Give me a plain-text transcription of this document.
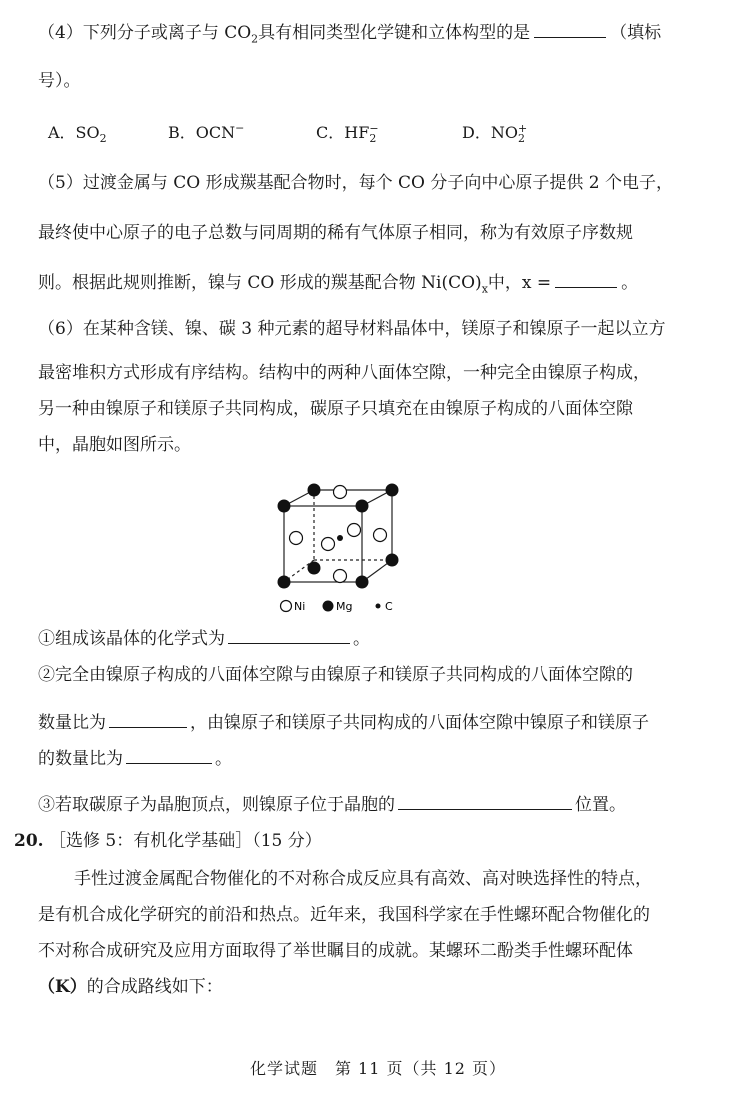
（4）下列分子或离子与 $CO_2$具有相同类型化学键和立体构型的是	（填标
号）。
A．$SO_2$	B．OCN−	C．HF −
2	D．NO +
2
（5）过渡金属与 CO 形成羰基配合物时，每个 CO 分子向中心原子提供 2 个电子，
最终使中心原子的电子总数与同周期的稀有气体原子相同，称为有效原子序数规
则。根据此规则推断，镍与 CO 形成的羰基配合物 $Ni(CO)_x$中，x =	。
（6）在某种含镁、镍、碳 3 种元素的超导材料晶体中，镁原子和镍原子一起以立方
最密堆积方式形成有序结构。结构中的两种八面体空隙，一种完全由镍原子构成，
另一种由镍原子和镁原子共同构成，碳原子只填充在由镍原子构成的八面体空隙
中，晶胞如图所示。
Ni	Mg	C
①组成该晶体的化学式为	。
②完全由镍原子构成的八面体空隙与由镍原子和镁原子共同构成的八面体空隙的
数量比为	，由镍原子和镁原子共同构成的八面体空隙中镍原子和镁原子
的数量比为	。
③若取碳原子为晶胞顶点，则镍原子位于晶胞的	位置。
20. ［选修 5：有机化学基础］（15 分）
手性过渡金属配合物催化的不对称合成反应具有高效、高对映选择性的特点，
是有机合成化学研究的前沿和热点。近年来，我国科学家在手性螺环配合物催化的
不对称合成研究及应用方面取得了举世瞩目的成就。某螺环二酚类手性螺环配体
（K）的合成路线如下：
化学试题　第 11 页（共 12 页）
